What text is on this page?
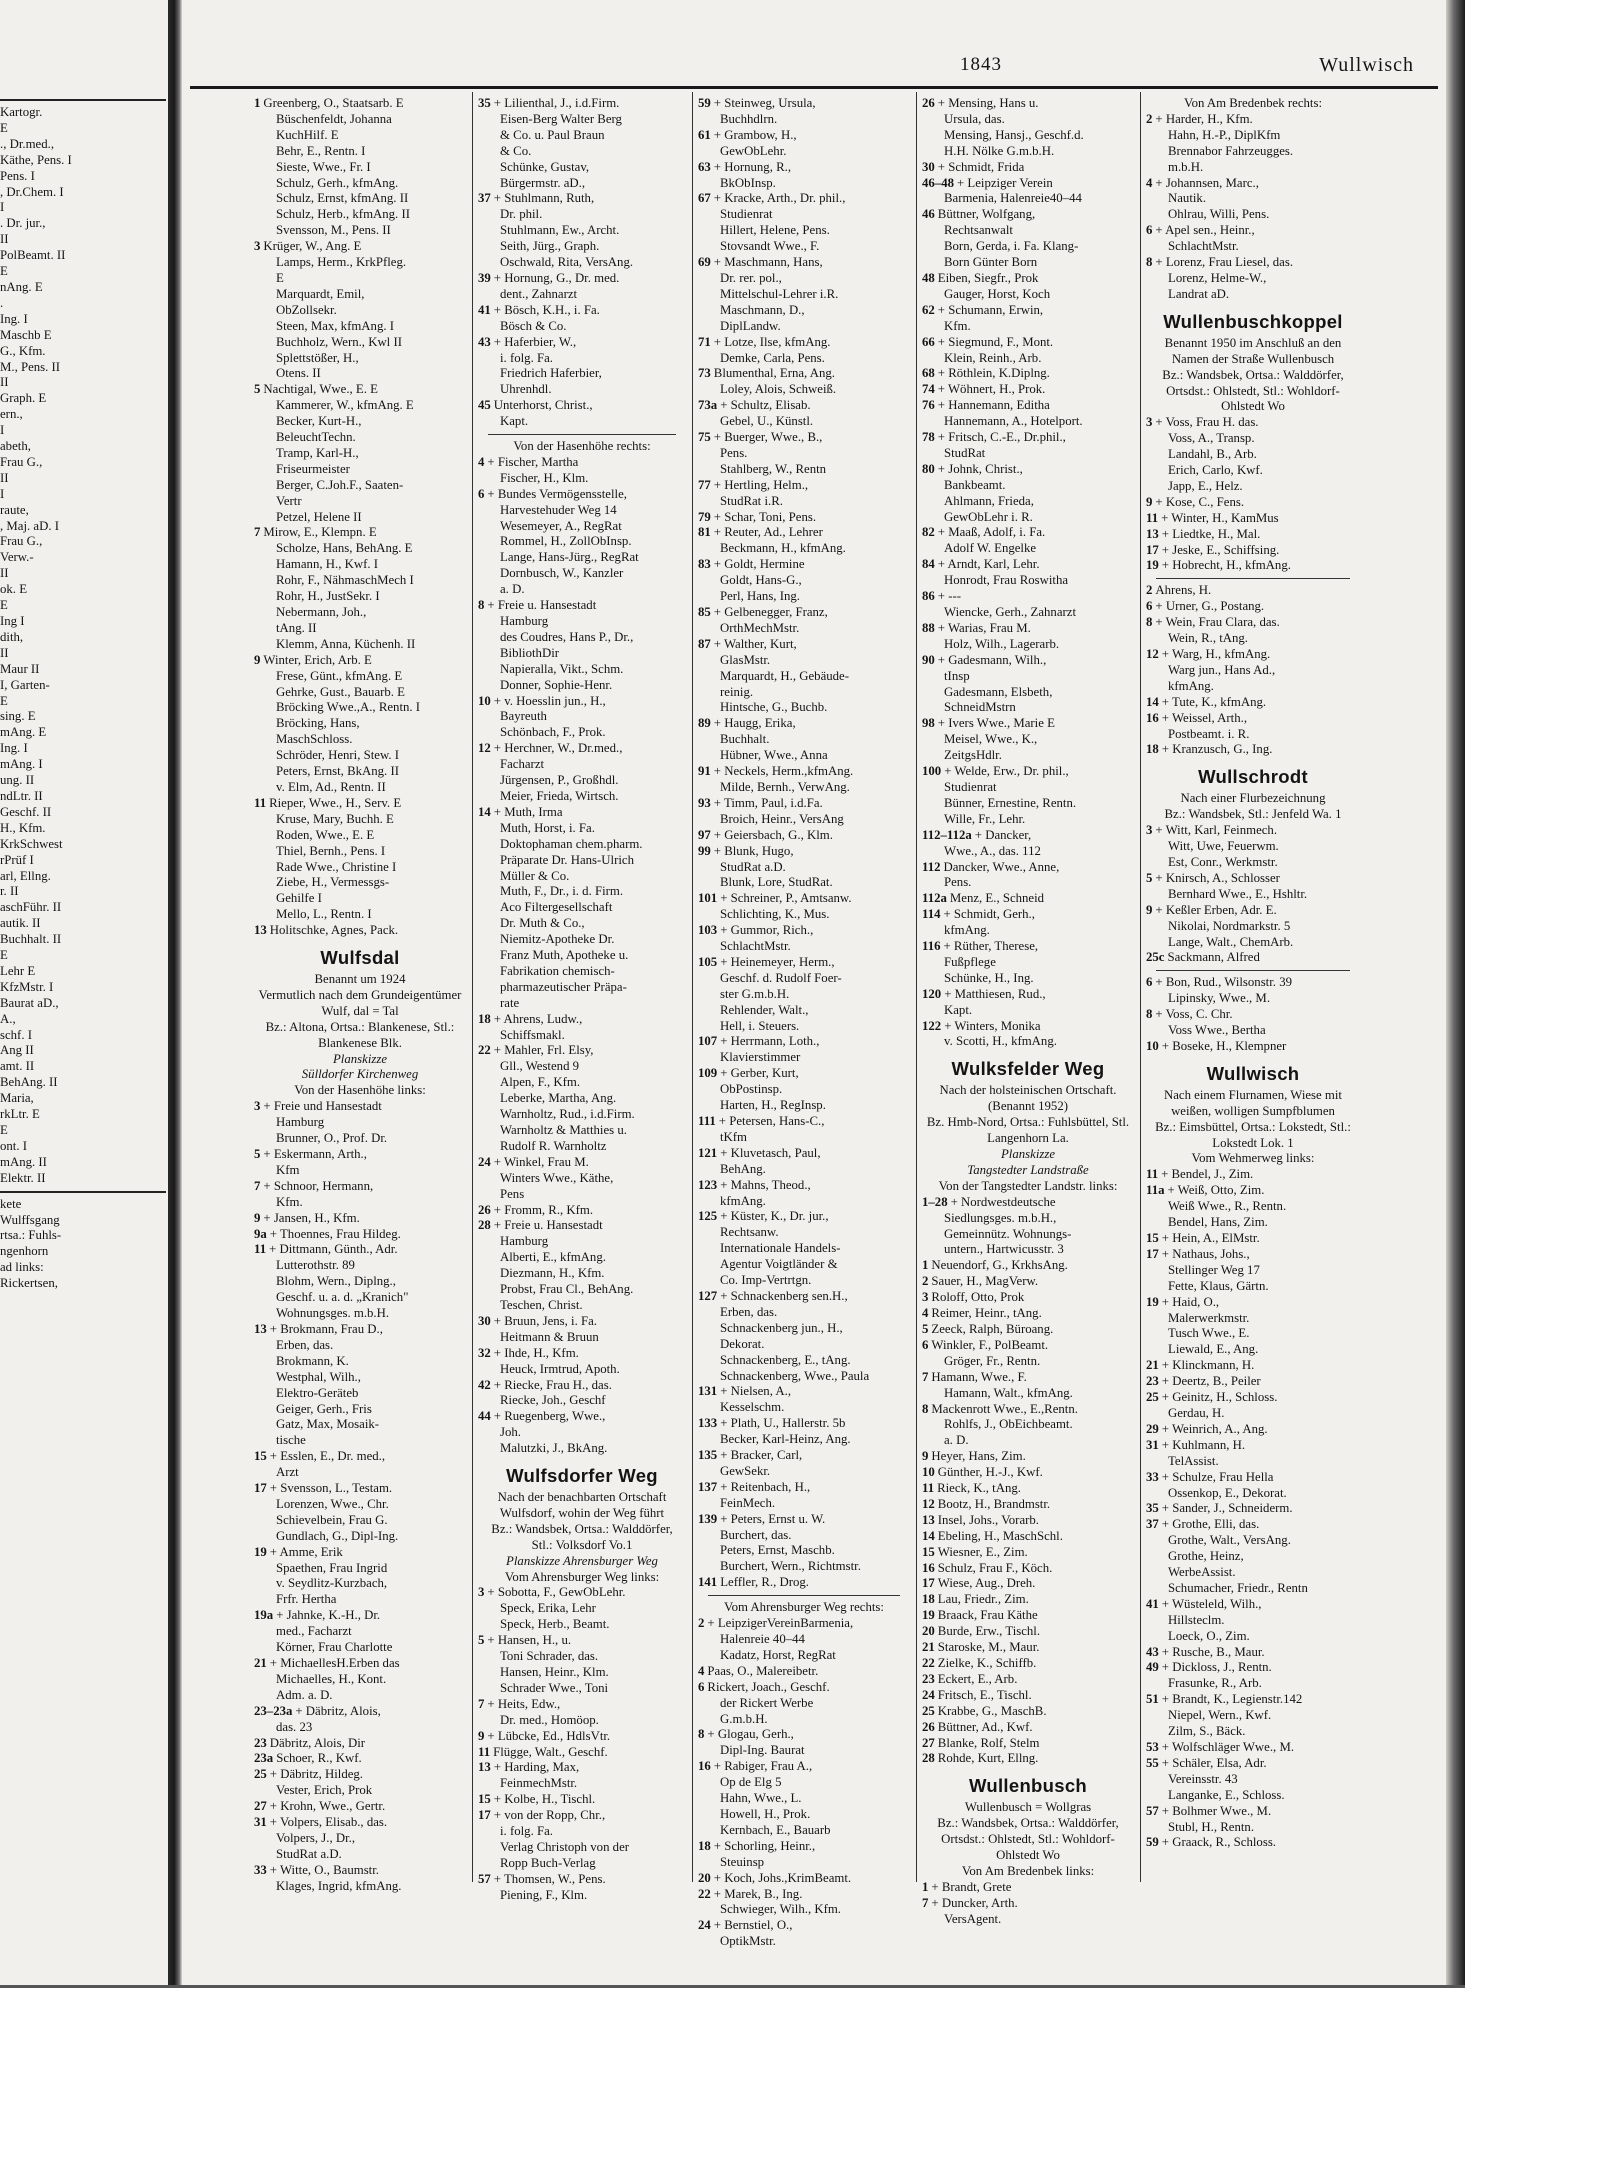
Kartogr.
E
., Dr.med.,
Käthe, Pens. I
Pens. I
, Dr.Chem. I
I
. Dr. jur.,
II
PolBeamt. II
E
nAng. E
.
Ing. I
Maschb E
G., Kfm.
M., Pens. II
II
Graph. E
ern.,
I
abeth,
Frau G.,
II
I
raute,
, Maj. aD. I
Frau G.,
Verw.-
II
ok. E
E
Ing I
dith,
II
Maur II
I, Garten-
E
sing. E
mAng. E
Ing. I
mAng. I
ung. II
ndLtr. II
Geschf. II
H., Kfm.
KrkSchwest
rPrüf I
arl, Ellng.
r. II
aschFühr. II
autik. II
Buchhalt. II
E
Lehr E
KfzMstr. I
Baurat aD.,
A.,
schf. I
Ang II
amt. II
BehAng. II
Maria,
rkLtr. E
E
ont. I
mAng. II
Elektr. II
kete
Wulffsgang
rtsa.: Fuhls-
ngenhorn
ad links:
Rickertsen,
1843	Wullwisch
1 Greenberg, O., Staatsarb. E
Büschenfeldt, Johanna
KuchHilf. E
Behr, E., Rentn. I
Sieste, Wwe., Fr. I
Schulz, Gerh., kfmAng.
Schulz, Ernst, kfmAng. II
Schulz, Herb., kfmAng. II
Svensson, M., Pens. II
3 Krüger, W., Ang. E
Lamps, Herm., KrkPfleg.
E
Marquardt, Emil,
ObZollsekr.
Steen, Max, kfmAng. I
Buchholz, Wern., Kwl II
Splettstößer, H.,
Otens. II
5 Nachtigal, Wwe., E. E
Kammerer, W., kfmAng. E
Becker, Kurt-H.,
BeleuchtTechn.
Tramp, Karl-H.,
Friseurmeister
Berger, C.Joh.F., Saaten-
Vertr
Petzel, Helene II
7 Mirow, E., Klempn. E
Scholze, Hans, BehAng. E
Hamann, H., Kwf. I
Rohr, F., NähmaschMech I
Rohr, H., JustSekr. I
Nebermann, Joh.,
tAng. II
Klemm, Anna, Küchenh. II
9 Winter, Erich, Arb. E
Frese, Günt., kfmAng. E
Gehrke, Gust., Bauarb. E
Bröcking Wwe.,A., Rentn. I
Bröcking, Hans,
MaschSchloss.
Schröder, Henri, Stew. I
Peters, Ernst, BkAng. II
v. Elm, Ad., Rentn. II
11 Rieper, Wwe., H., Serv. E
Kruse, Mary, Buchh. E
Roden, Wwe., E. E
Thiel, Bernh., Pens. I
Rade Wwe., Christine I
Ziebe, H., Vermessgs-
Gehilfe I
Mello, L., Rentn. I
13 Holitschke, Agnes, Pack.
Wulfsdal
Benannt um 1924
Vermutlich nach dem Grundeigentümer Wulf, dal = Tal
Bz.: Altona, Ortsa.: Blankenese, Stl.: Blankenese Blk.
Planskizze
Sülldorfer Kirchenweg
Von der Hasenhöhe links:
3 + Freie und Hansestadt
Hamburg
Brunner, O., Prof. Dr.
5 + Eskermann, Arth.,
Kfm
7 + Schnoor, Hermann,
Kfm.
9 + Jansen, H., Kfm.
9a + Thoennes, Frau Hildeg.
11 + Dittmann, Günth., Adr.
Lutterothstr. 89
Blohm, Wern., Diplng.,
Geschf. u. a. d. „Kranich"
Wohnungsges. m.b.H.
13 + Brokmann, Frau D.,
Erben, das.
Brokmann, K.
Westphal, Wilh.,
Elektro-Geräteb
Geiger, Gerh., Fris
Gatz, Max, Mosaik-
tische
15 + Esslen, E., Dr. med.,
Arzt
17 + Svensson, L., Testam.
Lorenzen, Wwe., Chr.
Schievelbein, Frau G.
Gundlach, G., Dipl-Ing.
19 + Amme, Erik
Spaethen, Frau Ingrid
v. Seydlitz-Kurzbach,
Frfr. Hertha
19a + Jahnke, K.-H., Dr.
med., Facharzt
Körner, Frau Charlotte
21 + MichaellesH.Erben das
Michaelles, H., Kont.
Adm. a. D.
23–23a + Däbritz, Alois,
das. 23
23 Däbritz, Alois, Dir
23a Schoer, R., Kwf.
25 + Däbritz, Hildeg.
Vester, Erich, Prok
27 + Krohn, Wwe., Gertr.
31 + Volpers, Elisab., das.
Volpers, J., Dr.,
StudRat a.D.
33 + Witte, O., Baumstr.
Klages, Ingrid, kfmAng.
35 + Lilienthal, J., i.d.Firm.
Eisen-Berg Walter Berg
& Co. u. Paul Braun
& Co.
Schünke, Gustav,
Bürgermstr. aD.,
37 + Stuhlmann, Ruth,
Dr. phil.
Stuhlmann, Ew., Archt.
Seith, Jürg., Graph.
Oschwald, Rita, VersAng.
39 + Hornung, G., Dr. med.
dent., Zahnarzt
41 + Bösch, K.H., i. Fa.
Bösch & Co.
43 + Haferbier, W.,
i. folg. Fa.
Friedrich Haferbier,
Uhrenhdl.
45 Unterhorst, Christ.,
Kapt.
Von der Hasenhöhe rechts:
4 + Fischer, Martha
Fischer, H., Klm.
6 + Bundes Vermögensstelle,
Harvestehuder Weg 14
Wesemeyer, A., RegRat
Rommel, H., ZollObInsp.
Lange, Hans-Jürg., RegRat
Dornbusch, W., Kanzler
a. D.
8 + Freie u. Hansestadt
Hamburg
des Coudres, Hans P., Dr.,
BibliothDir
Napieralla, Vikt., Schm.
Donner, Sophie-Henr.
10 + v. Hoesslin jun., H.,
Bayreuth
Schönbach, F., Prok.
12 + Herchner, W., Dr.med.,
Facharzt
Jürgensen, P., Großhdl.
Meier, Frieda, Wirtsch.
14 + Muth, Irma
Muth, Horst, i. Fa.
Doktophaman chem.pharm.
Präparate Dr. Hans-Ulrich
Müller & Co.
Muth, F., Dr., i. d. Firm.
Aco Filtergesellschaft
Dr. Muth & Co.,
Niemitz-Apotheke Dr.
Franz Muth, Apotheke u.
Fabrikation chemisch-
pharmazeutischer Präpa-
rate
18 + Ahrens, Ludw.,
Schiffsmakl.
22 + Mahler, Frl. Elsy,
Gll., Westend 9
Alpen, F., Kfm.
Leberke, Martha, Ang.
Warnholtz, Rud., i.d.Firm.
Warnholtz & Matthies u.
Rudolf R. Warnholtz
24 + Winkel, Frau M.
Winters Wwe., Käthe,
Pens
26 + Fromm, R., Kfm.
28 + Freie u. Hansestadt
Hamburg
Alberti, E., kfmAng.
Diezmann, H., Kfm.
Probst, Frau Cl., BehAng.
Teschen, Christ.
30 + Bruun, Jens, i. Fa.
Heitmann & Bruun
32 + Ihde, H., Kfm.
Heuck, Irmtrud, Apoth.
42 + Riecke, Frau H., das.
Riecke, Joh., Geschf
44 + Ruegenberg, Wwe.,
Joh.
Malutzki, J., BkAng.
Wulfsdorfer Weg
Nach der benachbarten Ortschaft Wulfsdorf, wohin der Weg führt
Bz.: Wandsbek, Ortsa.: Walddörfer, Stl.: Volksdorf Vo.1
Planskizze Ahrensburger Weg
Vom Ahrensburger Weg links:
3 + Sobotta, F., GewObLehr.
Speck, Erika, Lehr
Speck, Herb., Beamt.
5 + Hansen, H., u.
Toni Schrader, das.
Hansen, Heinr., Klm.
Schrader Wwe., Toni
7 + Heits, Edw.,
Dr. med., Homöop.
9 + Lübcke, Ed., HdlsVtr.
11 Flügge, Walt., Geschf.
13 + Harding, Max,
FeinmechMstr.
15 + Kolbe, H., Tischl.
17 + von der Ropp, Chr.,
i. folg. Fa.
Verlag Christoph von der
Ropp Buch-Verlag
57 + Thomsen, W., Pens.
Piening, F., Klm.
59 + Steinweg, Ursula,
Buchhdlrn.
61 + Grambow, H.,
GewObLehr.
63 + Hornung, R.,
BkObInsp.
67 + Kracke, Arth., Dr. phil.,
Studienrat
Hillert, Helene, Pens.
Stovsandt Wwe., F.
69 + Maschmann, Hans,
Dr. rer. pol.,
Mittelschul-Lehrer i.R.
Maschmann, D.,
DiplLandw.
71 + Lotze, Ilse, kfmAng.
Demke, Carla, Pens.
73 Blumenthal, Erna, Ang.
Loley, Alois, Schweiß.
73a + Schultz, Elisab.
Gebel, U., Künstl.
75 + Buerger, Wwe., B.,
Pens.
Stahlberg, W., Rentn
77 + Hertling, Helm.,
StudRat i.R.
79 + Schar, Toni, Pens.
81 + Reuter, Ad., Lehrer
Beckmann, H., kfmAng.
83 + Goldt, Hermine
Goldt, Hans-G.,
Perl, Hans, Ing.
85 + Gelbenegger, Franz,
OrthMechMstr.
87 + Walther, Kurt,
GlasMstr.
Marquardt, H., Gebäude-
reinig.
Hintsche, G., Buchb.
89 + Haugg, Erika,
Buchhalt.
Hübner, Wwe., Anna
91 + Neckels, Herm.,kfmAng.
Milde, Bernh., VerwAng.
93 + Timm, Paul, i.d.Fa.
Broich, Heinr., VersAng
97 + Geiersbach, G., Klm.
99 + Blunk, Hugo,
StudRat a.D.
Blunk, Lore, StudRat.
101 + Schreiner, P., Amtsanw.
Schlichting, K., Mus.
103 + Gummor, Rich.,
SchlachtMstr.
105 + Heinemeyer, Herm.,
Geschf. d. Rudolf Foer-
ster G.m.b.H.
Rehlender, Walt.,
Hell, i. Steuers.
107 + Herrmann, Loth.,
Klavierstimmer
109 + Gerber, Kurt,
ObPostinsp.
Harten, H., RegInsp.
111 + Petersen, Hans-C.,
tKfm
121 + Kluvetasch, Paul,
BehAng.
123 + Mahns, Theod.,
kfmAng.
125 + Küster, K., Dr. jur.,
Rechtsanw.
Internationale Handels-
Agentur Voigtländer &
Co. Imp-Vertrtgn.
127 + Schnackenberg sen.H.,
Erben, das.
Schnackenberg jun., H.,
Dekorat.
Schnackenberg, E., tAng.
Schnackenberg, Wwe., Paula
131 + Nielsen, A.,
Kesselschm.
133 + Plath, U., Hallerstr. 5b
Becker, Karl-Heinz, Ang.
135 + Bracker, Carl,
GewSekr.
137 + Reitenbach, H.,
FeinMech.
139 + Peters, Ernst u. W.
Burchert, das.
Peters, Ernst, Maschb.
Burchert, Wern., Richtmstr.
141 Leffler, R., Drog.
Vom Ahrensburger Weg rechts:
2 + LeipzigerVereinBarmenia,
Halenreie 40–44
Kadatz, Horst, RegRat
4 Paas, O., Malereibetr.
6 Rickert, Joach., Geschf.
der Rickert Werbe
G.m.b.H.
8 + Glogau, Gerh.,
Dipl-Ing. Baurat
16 + Rabiger, Frau A.,
Op de Elg 5
Hahn, Wwe., L.
Howell, H., Prok.
Kernbach, E., Bauarb
18 + Schorling, Heinr.,
Steuinsp
20 + Koch, Johs.,KrimBeamt.
22 + Marek, B., Ing.
Schwieger, Wilh., Kfm.
24 + Bernstiel, O.,
OptikMstr.
26 + Mensing, Hans u.
Ursula, das.
Mensing, Hansj., Geschf.d.
H.H. Nölke G.m.b.H.
30 + Schmidt, Frida
46–48 + Leipziger Verein
Barmenia, Halenreie40–44
46 Büttner, Wolfgang,
Rechtsanwalt
Born, Gerda, i. Fa. Klang-
Born Günter Born
48 Eiben, Siegfr., Prok
Gauger, Horst, Koch
62 + Schumann, Erwin,
Kfm.
66 + Siegmund, F., Mont.
Klein, Reinh., Arb.
68 + Röthlein, K.Diplng.
74 + Wöhnert, H., Prok.
76 + Hannemann, Editha
Hannemann, A., Hotelport.
78 + Fritsch, C.-E., Dr.phil.,
StudRat
80 + Johnk, Christ.,
Bankbeamt.
Ahlmann, Frieda,
GewObLehr i. R.
82 + Maaß, Adolf, i. Fa.
Adolf W. Engelke
84 + Arndt, Karl, Lehr.
Honrodt, Frau Roswitha
86 + ---
Wiencke, Gerh., Zahnarzt
88 + Warias, Frau M.
Holz, Wilh., Lagerarb.
90 + Gadesmann, Wilh.,
tInsp
Gadesmann, Elsbeth,
SchneidMstrn
98 + Ivers Wwe., Marie E
Meisel, Wwe., K.,
ZeitgsHdlr.
100 + Welde, Erw., Dr. phil.,
Studienrat
Bünner, Ernestine, Rentn.
Wille, Fr., Lehr.
112–112a + Dancker,
Wwe., A., das. 112
112 Dancker, Wwe., Anne,
Pens.
112a Menz, E., Schneid
114 + Schmidt, Gerh.,
kfmAng.
116 + Rüther, Therese,
Fußpflege
Schünke, H., Ing.
120 + Matthiesen, Rud.,
Kapt.
122 + Winters, Monika
v. Scotti, H., kfmAng.
Wulksfelder Weg
Nach der holsteinischen Ortschaft. (Benannt 1952)
Bz. Hmb-Nord, Ortsa.: Fuhlsbüttel, Stl. Langenhorn La.
Planskizze
Tangstedter Landstraße
Von der Tangstedter Landstr. links:
1–28 + Nordwestdeutsche
Siedlungsges. m.b.H.,
Gemeinnütz. Wohnungs-
untern., Hartwicusstr. 3
1 Neuendorf, G., KrkhsAng.
2 Sauer, H., MagVerw.
3 Roloff, Otto, Prok
4 Reimer, Heinr., tAng.
5 Zeeck, Ralph, Büroang.
6 Winkler, F., PolBeamt.
Gröger, Fr., Rentn.
7 Hamann, Wwe., F.
Hamann, Walt., kfmAng.
8 Mackenrott Wwe., E.,Rentn.
Rohlfs, J., ObEichbeamt.
a. D.
9 Heyer, Hans, Zim.
10 Günther, H.-J., Kwf.
11 Rieck, K., tAng.
12 Bootz, H., Brandmstr.
13 Insel, Johs., Vorarb.
14 Ebeling, H., MaschSchl.
15 Wiesner, E., Zim.
16 Schulz, Frau F., Köch.
17 Wiese, Aug., Dreh.
18 Lau, Friedr., Zim.
19 Braack, Frau Käthe
20 Burde, Erw., Tischl.
21 Staroske, M., Maur.
22 Zielke, K., Schiffb.
23 Eckert, E., Arb.
24 Fritsch, E., Tischl.
25 Krabbe, G., MaschB.
26 Büttner, Ad., Kwf.
27 Blanke, Rolf, Stelm
28 Rohde, Kurt, Ellng.
Wullenbusch
Wullenbusch = Wollgras
Bz.: Wandsbek, Ortsa.: Walddörfer, Ortsdst.: Ohlstedt, Stl.: Wohldorf-Ohlstedt Wo
Von Am Bredenbek links:
1 + Brandt, Grete
7 + Duncker, Arth.
VersAgent.
Von Am Bredenbek rechts:
2 + Harder, H., Kfm.
Hahn, H.-P., DiplKfm
Brennabor Fahrzeugges.
m.b.H.
4 + Johannsen, Marc.,
Nautik.
Ohlrau, Willi, Pens.
6 + Apel sen., Heinr.,
SchlachtMstr.
8 + Lorenz, Frau Liesel, das.
Lorenz, Helme-W.,
Landrat aD.
Wullenbuschkoppel
Benannt 1950 im Anschluß an den Namen der Straße Wullenbusch
Bz.: Wandsbek, Ortsa.: Walddörfer, Ortsdst.: Ohlstedt, Stl.: Wohldorf-Ohlstedt Wo
3 + Voss, Frau H. das.
Voss, A., Transp.
Landahl, B., Arb.
Erich, Carlo, Kwf.
Japp, E., Helz.
9 + Kose, C., Fens.
11 + Winter, H., KamMus
13 + Liedtke, H., Mal.
17 + Jeske, E., Schiffsing.
19 + Hobrecht, H., kfmAng.
2 Ahrens, H.
6 + Urner, G., Postang.
8 + Wein, Frau Clara, das.
Wein, R., tAng.
12 + Warg, H., kfmAng.
Warg jun., Hans Ad.,
kfmAng.
14 + Tute, K., kfmAng.
16 + Weissel, Arth.,
Postbeamt. i. R.
18 + Kranzusch, G., Ing.
Wullschrodt
Nach einer Flurbezeichnung
Bz.: Wandsbek, Stl.: Jenfeld Wa. 1
3 + Witt, Karl, Feinmech.
Witt, Uwe, Feuerwm.
Est, Conr., Werkmstr.
5 + Knirsch, A., Schlosser
Bernhard Wwe., E., Hshltr.
9 + Keßler Erben, Adr. E.
Nikolai, Nordmarkstr. 5
Lange, Walt., ChemArb.
25c Sackmann, Alfred
6 + Bon, Rud., Wilsonstr. 39
Lipinsky, Wwe., M.
8 + Voss, C. Chr.
Voss Wwe., Bertha
10 + Boseke, H., Klempner
Wullwisch
Nach einem Flurnamen, Wiese mit weißen, wolligen Sumpfblumen
Bz.: Eimsbüttel, Ortsa.: Lokstedt, Stl.: Lokstedt Lok. 1
Vom Wehmerweg links:
11 + Bendel, J., Zim.
11a + Weiß, Otto, Zim.
Weiß Wwe., R., Rentn.
Bendel, Hans, Zim.
15 + Hein, A., ElMstr.
17 + Nathaus, Johs.,
Stellinger Weg 17
Fette, Klaus, Gärtn.
19 + Haid, O.,
Malerwerkmstr.
Tusch Wwe., E.
Liewald, E., Ang.
21 + Klinckmann, H.
23 + Deertz, B., Peiler
25 + Geinitz, H., Schloss.
Gerdau, H.
29 + Weinrich, A., Ang.
31 + Kuhlmann, H.
TelAssist.
33 + Schulze, Frau Hella
Ossenkop, E., Dekorat.
35 + Sander, J., Schneiderm.
37 + Grothe, Elli, das.
Grothe, Walt., VersAng.
Grothe, Heinz,
WerbeAssist.
Schumacher, Friedr., Rentn
41 + Wüsteleld, Wilh.,
Hillsteclm.
Loeck, O., Zim.
43 + Rusche, B., Maur.
49 + Dickloss, J., Rentn.
Frasunke, R., Arb.
51 + Brandt, K., Legienstr.142
Niepel, Wern., Kwf.
Zilm, S., Bäck.
53 + Wolfschläger Wwe., M.
55 + Schäler, Elsa, Adr.
Vereinsstr. 43
Langanke, E., Schloss.
57 + Bolhmer Wwe., M.
Stubl, H., Rentn.
59 + Graack, R., Schloss.
